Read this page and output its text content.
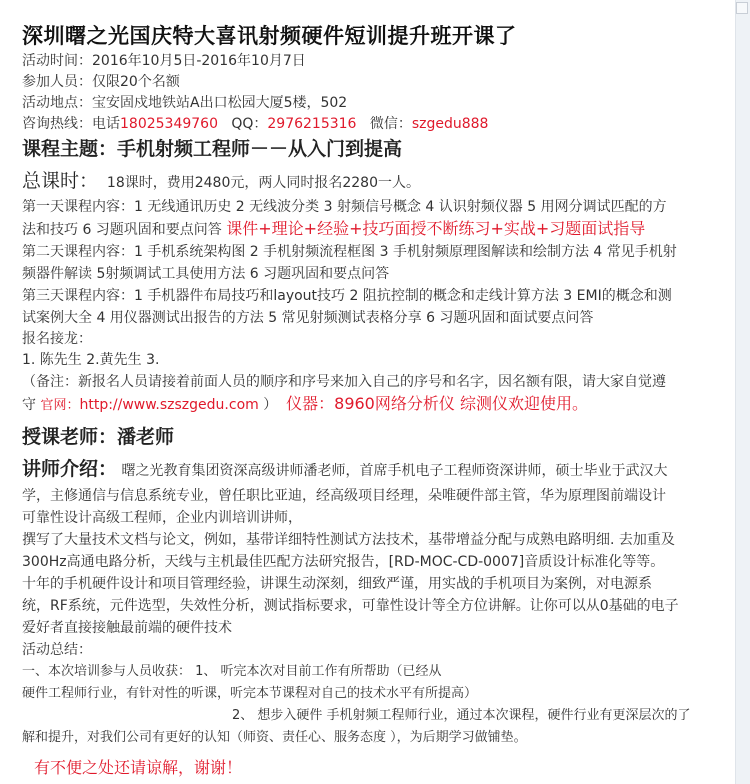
深圳曙之光国庆特大喜讯射频硬件短训提升班开课了
活动时间：2016年10月5日-2016年10月7日
参加人员：仅限20个名额
活动地点：宝安固戍地铁站A出口松园大厦5楼，502
咨询热线：电话18025349760 QQ：2976215316 微信：szgedu888
课程主题：手机射频工程师－－从入门到提高
总课时： 18课时，费用2480元，两人同时报名2280一人。
第一天课程内容：1 无线通讯历史 2 无线波分类 3 射频信号概念 4 认识射频仪器 5 用网分调试匹配的方
法和技巧 6 习题巩固和要点问答 课件+理论+经验+技巧面授不断练习+实战+习题面试指导
第二天课程内容：1 手机系统架构图 2 手机射频流程框图 3 手机射频原理图解读和绘制方法 4 常见手机射
频器件解读 5射频调试工具使用方法 6 习题巩固和要点问答
第三天课程内容：1 手机器件布局技巧和layout技巧 2 阻抗控制的概念和走线计算方法 3 EMI的概念和测
试案例大全 4 用仪器测试出报告的方法 5 常见射频测试表格分享 6 习题巩固和面试要点问答
报名接龙：
1. 陈先生 2.黄先生 3.
（备注：新报名人员请接着前面人员的顺序和序号来加入自己的序号和名字，因名额有限，请大家自觉遵
守 官网：http://www.szszgedu.com ） 仪器：8960网络分析仪 综测仪欢迎使用。
授课老师：潘老师
讲师介绍： 曙之光教育集团资深高级讲师潘老师，首席手机电子工程师资深讲师，硕士毕业于武汉大
学，主修通信与信息系统专业，曾任职比亚迪，经高级项目经理，朵唯硬件部主管，华为原理图前端设计
可靠性设计高级工程师，企业内训培训讲师，
撰写了大量技术文档与论文，例如，基带详细特性测试方法技术，基带增益分配与成熟电路明细. 去加重及
300Hz高通电路分析，天线与主机最佳匹配方法研究报告，[RD-MOC-CD-0007]音质设计标准化等等。
十年的手机硬件设计和项目管理经验，讲课生动深刻，细致严谨，用实战的手机项目为案例，对电源系
统，RF系统，元件选型，失效性分析，测试指标要求，可靠性设计等全方位讲解。让你可以从0基础的电子
爱好者直接接触最前端的硬件技术
活动总结：
一、本次培训参与人员收获： 1、 听完本次对目前工作有所帮助（已经从
硬件工程师行业，有针对性的听课，听完本节课程对自己的技术水平有所提高）
2、 想步入硬件 手机射频工程师行业，通过本次课程，硬件行业有更深层次的了
解和提升，对我们公司有更好的认知（师资、责任心、服务态度 ），为后期学习做铺垫。
有不便之处还请谅解，谢谢！
